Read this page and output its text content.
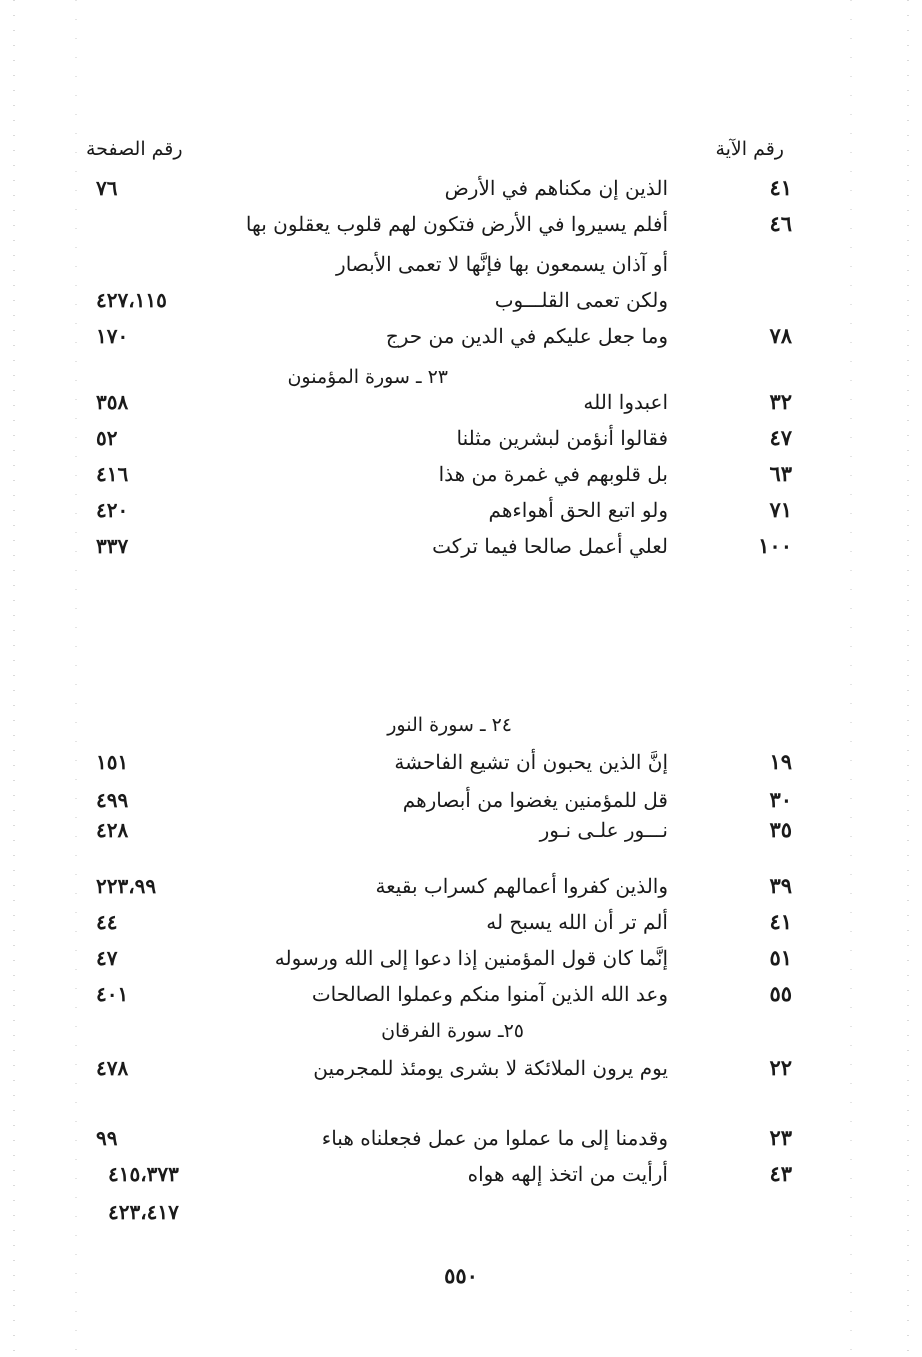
رقم الآية
رقم الصفحة
٤١
الذين إن مكناهم في الأرض
٧٦
٤٦
أفلم يسيروا في الأرض فتكون لهم قلوب يعقلون بها
أو آذان يسمعون بها فإنَّها لا تعمى الأبصار
ولكن تعمى القلـــوب
٤٢٧،١١٥
٧٨
وما جعل عليكم في الدين من حرج
١٧٠
٢٣ ـ سورة المؤمنون
٣٢
اعبدوا الله
٣٥٨
٤٧
فقالوا أنؤمن لبشرين مثلنا
٥٢
٦٣
بل قلوبهم في غمرة من هذا
٤١٦
٧١
ولو اتبع الحق أهواءهم
٤٢٠
١٠٠
لعلي أعمل صالحا فيما تركت
٣٣٧
٢٤ ـ سورة النور
١٩
إنَّ الذين يحبون أن تشيع الفاحشة
١٥١
٣٠
قل للمؤمنين يغضوا من أبصارهم
٤٩٩
٣٥
نـــور علـى نـور
٤٢٨
٣٩
والذين كفروا أعمالهم كسراب بقيعة
٢٢٣،٩٩
٤١
ألم تر أن الله يسبح له
٤٤
٥١
إنَّما كان قول المؤمنين إذا دعوا إلى الله ورسوله
٤٧
٥٥
وعد الله الذين آمنوا منكم وعملوا الصالحات
٤٠١
٢٥ـ سورة الفرقان
٢٢
يوم يرون الملائكة لا بشرى يومئذ للمجرمين
٤٧٨
٢٣
وقدمنا إلى ما عملوا من عمل فجعلناه هباء
٩٩
٤٣
أرأيت من اتخذ إلهه هواه
٤١٥،٣٧٣
٤٢٣،٤١٧
٥٥٠
